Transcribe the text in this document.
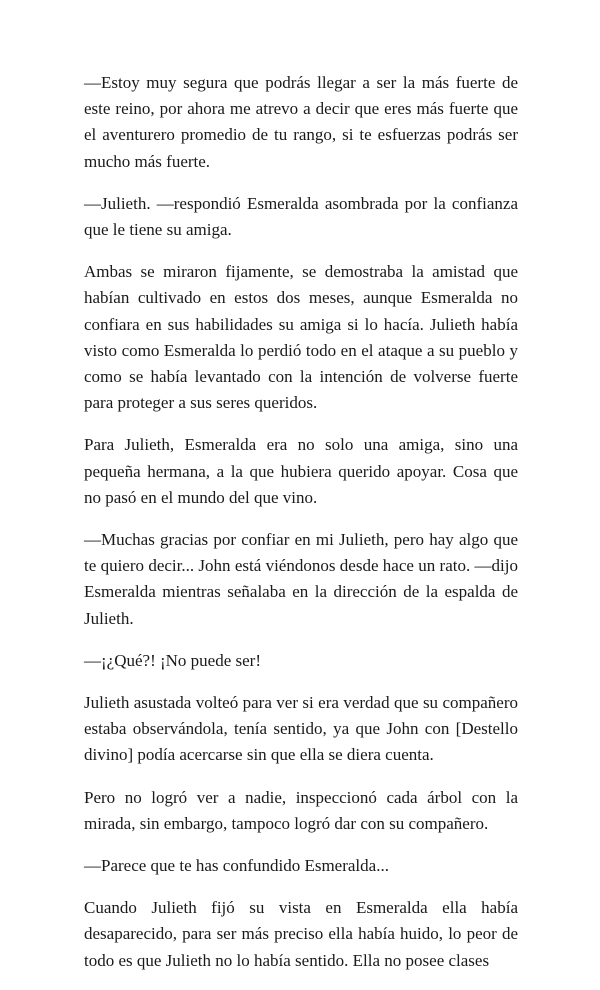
—Estoy muy segura que podrás llegar a ser la más fuerte de este reino, por ahora me atrevo a decir que eres más fuerte que el aventurero promedio de tu rango, si te esfuerzas podrás ser mucho más fuerte.

—Julieth. —respondió Esmeralda asombrada por la confianza que le tiene su amiga.

Ambas se miraron fijamente, se demostraba la amistad que habían cultivado en estos dos meses, aunque Esmeralda no confiara en sus habilidades su amiga si lo hacía. Julieth había visto como Esmeralda lo perdió todo en el ataque a su pueblo y como se había levantado con la intención de volverse fuerte para proteger a sus seres queridos.

Para Julieth, Esmeralda era no solo una amiga, sino una pequeña hermana, a la que hubiera querido apoyar. Cosa que no pasó en el mundo del que vino.

—Muchas gracias por confiar en mi Julieth, pero hay algo que te quiero decir... John está viéndonos desde hace un rato. —dijo Esmeralda mientras señalaba en la dirección de la espalda de Julieth.

—¡¿Qué?! ¡No puede ser!

Julieth asustada volteó para ver si era verdad que su compañero estaba observándola, tenía sentido, ya que John con [Destello divino] podía acercarse sin que ella se diera cuenta.

Pero no logró ver a nadie, inspeccionó cada árbol con la mirada, sin embargo, tampoco logró dar con su compañero.

—Parece que te has confundido Esmeralda...

Cuando Julieth fijó su vista en Esmeralda ella había desaparecido, para ser más preciso ella había huido, lo peor de todo es que Julieth no lo había sentido. Ella no posee clases
